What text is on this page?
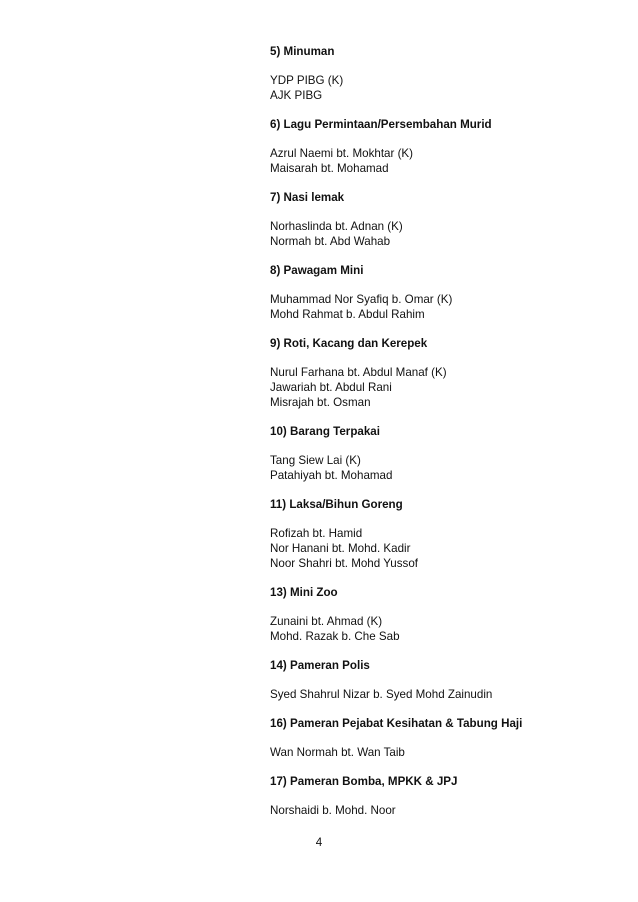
5) Minuman
YDP PIBG (K)
AJK PIBG
6) Lagu Permintaan/Persembahan Murid
Azrul Naemi bt. Mokhtar (K)
Maisarah bt. Mohamad
7) Nasi lemak
Norhaslinda bt. Adnan (K)
Normah bt. Abd Wahab
8) Pawagam Mini
Muhammad Nor Syafiq b. Omar (K)
Mohd Rahmat b. Abdul Rahim
9) Roti, Kacang dan Kerepek
Nurul Farhana bt. Abdul Manaf (K)
Jawariah bt. Abdul Rani
Misrajah bt. Osman
10) Barang Terpakai
Tang Siew Lai (K)
Patahiyah bt. Mohamad
11) Laksa/Bihun Goreng
Rofizah bt. Hamid
Nor Hanani bt. Mohd. Kadir
Noor Shahri bt. Mohd Yussof
13) Mini Zoo
Zunaini bt. Ahmad (K)
Mohd. Razak b. Che Sab
14) Pameran Polis
Syed Shahrul Nizar b. Syed Mohd Zainudin
16) Pameran Pejabat Kesihatan & Tabung Haji
Wan Normah bt. Wan Taib
17) Pameran Bomba, MPKK & JPJ
Norshaidi b. Mohd. Noor
4
